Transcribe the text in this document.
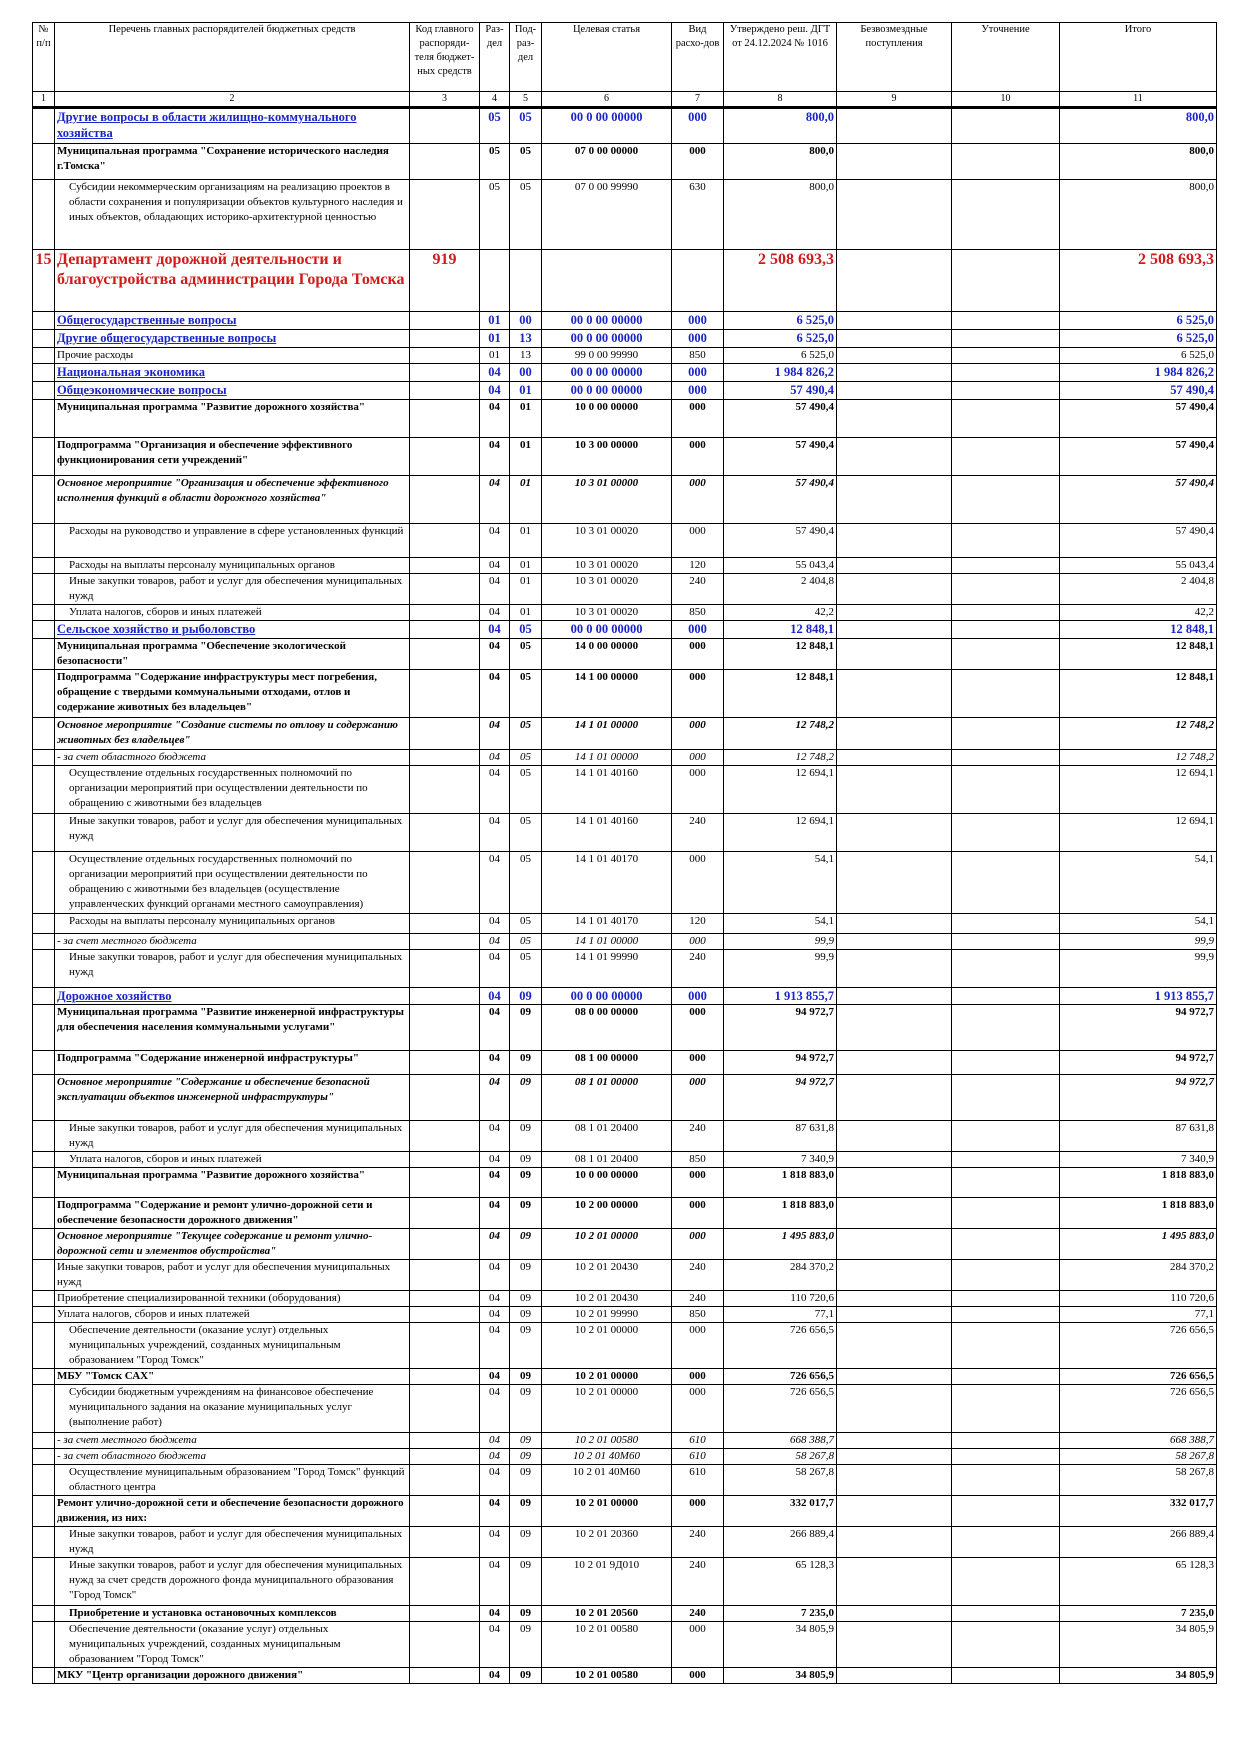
№ п/п	Перечень главных распорядителей бюджетных средств	Код главного распоряди-теля бюджет-ных средств	Раз-дел	Под-раз-дел	Целевая статья	Вид расхо-дов	Утверждено реш. ДГТ от 24.12.2024 № 1016	Безвозмездные поступления	Уточнение	Итого
1	2	3	4	5	6	7	8	9	10	11
	Другие вопросы в области жилищно-коммунального хозяйства		05	05	00 0 00 00000	000	800,0			800,0
	Муниципальная программа "Сохранение исторического наследия г.Томска"		05	05	07 0 00 00000	000	800,0			800,0
	Субсидии некоммерческим организациям на реализацию проектов в области сохранения и популяризации объектов культурного наследия и иных объектов, обладающих историко-архитектурной ценностью		05	05	07 0 00 99990	630	800,0			800,0
15	Департамент дорожной деятельности и благоустройства администрации Города Томска	919					2 508 693,3			2 508 693,3
	Общегосударственные вопросы		01	00	00 0 00 00000	000	6 525,0			6 525,0
	Другие общегосударственные вопросы		01	13	00 0 00 00000	000	6 525,0			6 525,0
	Прочие расходы		01	13	99 0 00 99990	850	6 525,0			6 525,0
	Национальная экономика		04	00	00 0 00 00000	000	1 984 826,2			1 984 826,2
	Общеэкономические вопросы		04	01	00 0 00 00000	000	57 490,4			57 490,4
	Муниципальная программа "Развитие дорожного хозяйства"		04	01	10 0 00 00000	000	57 490,4			57 490,4
	Подпрограмма "Организация и обеспечение эффективного функционирования сети учреждений"		04	01	10 3 00 00000	000	57 490,4			57 490,4
	Основное мероприятие "Организация и обеспечение эффективного исполнения функций в области дорожного хозяйства"		04	01	10 3 01 00000	000	57 490,4			57 490,4
	Расходы на руководство и управление в сфере установленных функций		04	01	10 3 01 00020	000	57 490,4			57 490,4
	Расходы на выплаты персоналу муниципальных органов		04	01	10 3 01 00020	120	55 043,4			55 043,4
	Иные закупки товаров, работ и услуг для обеспечения муниципальных нужд		04	01	10 3 01 00020	240	2 404,8			2 404,8
	Уплата налогов, сборов и иных платежей		04	01	10 3 01 00020	850	42,2			42,2
	Сельское хозяйство и рыболовство		04	05	00 0 00 00000	000	12 848,1			12 848,1
	Муниципальная программа "Обеспечение экологической безопасности"		04	05	14 0 00 00000	000	12 848,1			12 848,1
	Подпрограмма "Содержание инфраструктуры мест погребения, обращение с твердыми коммунальными отходами, отлов и содержание животных без владельцев"		04	05	14 1 00 00000	000	12 848,1			12 848,1
	Основное мероприятие "Создание системы по отлову и содержанию животных без владельцев"		04	05	14 1 01 00000	000	12 748,2			12 748,2
	- за счет областного бюджета		04	05	14 1 01 00000	000	12 748,2			12 748,2
	Осуществление отдельных государственных полномочий по организации мероприятий при осуществлении деятельности по обращению с животными без владельцев		04	05	14 1 01 40160	000	12 694,1			12 694,1
	Иные закупки товаров, работ и услуг для обеспечения муниципальных нужд		04	05	14 1 01 40160	240	12 694,1			12 694,1
	Осуществление отдельных государственных полномочий по организации мероприятий при осуществлении деятельности по обращению с животными без владельцев (осуществление управленческих функций органами местного самоуправления)		04	05	14 1 01 40170	000	54,1			54,1
	Расходы на выплаты персоналу муниципальных органов		04	05	14 1 01 40170	120	54,1			54,1
	- за счет местного бюджета		04	05	14 1 01 00000	000	99,9			99,9
	Иные закупки товаров, работ и услуг для обеспечения муниципальных нужд		04	05	14 1 01 99990	240	99,9			99,9
	Дорожное хозяйство		04	09	00 0 00 00000	000	1 913 855,7			1 913 855,7
	Муниципальная программа "Развитие инженерной инфраструктуры для обеспечения населения коммунальными услугами"		04	09	08 0 00 00000	000	94 972,7			94 972,7
	Подпрограмма "Содержание инженерной инфраструктуры"		04	09	08 1 00 00000	000	94 972,7			94 972,7
	Основное мероприятие "Содержание и обеспечение безопасной эксплуатации объектов инженерной инфраструктуры"		04	09	08 1 01 00000	000	94 972,7			94 972,7
	Иные закупки товаров, работ и услуг для обеспечения муниципальных нужд		04	09	08 1 01 20400	240	87 631,8			87 631,8
	Уплата налогов, сборов и иных платежей		04	09	08 1 01 20400	850	7 340,9			7 340,9
	Муниципальная программа "Развитие дорожного хозяйства"		04	09	10 0 00 00000	000	1 818 883,0			1 818 883,0
	Подпрограмма "Содержание и ремонт улично-дорожной сети и обеспечение безопасности дорожного движения"		04	09	10 2 00 00000	000	1 818 883,0			1 818 883,0
	Основное мероприятие "Текущее содержание и ремонт улично-дорожной сети и элементов обустройства"		04	09	10 2 01 00000	000	1 495 883,0			1 495 883,0
	Иные закупки товаров, работ и услуг для обеспечения муниципальных нужд		04	09	10 2 01 20430	240	284 370,2			284 370,2
	Приобретение специализированной техники (оборудования)		04	09	10 2 01 20430	240	110 720,6			110 720,6
	Уплата налогов, сборов и иных платежей		04	09	10 2 01 99990	850	77,1			77,1
	Обеспечение деятельности (оказание услуг) отдельных муниципальных учреждений, созданных муниципальным образованием "Город Томск"		04	09	10 2 01 00000	000	726 656,5			726 656,5
	МБУ "Томск САХ"		04	09	10 2 01 00000	000	726 656,5			726 656,5
	Субсидии бюджетным учреждениям на финансовое обеспечение муниципального задания на оказание муниципальных услуг (выполнение работ)		04	09	10 2 01 00000	000	726 656,5			726 656,5
	- за счет местного бюджета		04	09	10 2 01 00580	610	668 388,7			668 388,7
	- за счет областного бюджета		04	09	10 2 01 40М60	610	58 267,8			58 267,8
	Осуществление муниципальным образованием "Город Томск" функций областного центра		04	09	10 2 01 40М60	610	58 267,8			58 267,8
	Ремонт улично-дорожной сети и обеспечение безопасности дорожного движения, из них:		04	09	10 2 01 00000	000	332 017,7			332 017,7
	Иные закупки товаров, работ и услуг для обеспечения муниципальных нужд		04	09	10 2 01 20360	240	266 889,4			266 889,4
	Иные закупки товаров, работ и услуг для обеспечения муниципальных нужд за счет средств дорожного фонда муниципального образования "Город Томск"		04	09	10 2 01 9Д010	240	65 128,3			65 128,3
	Приобретение и установка остановочных комплексов		04	09	10 2 01 20560	240	7 235,0			7 235,0
	Обеспечение деятельности (оказание услуг) отдельных муниципальных учреждений, созданных муниципальным образованием "Город Томск"		04	09	10 2 01 00580	000	34 805,9			34 805,9
	МКУ "Центр организации дорожного движения"		04	09	10 2 01 00580	000	34 805,9			34 805,9
